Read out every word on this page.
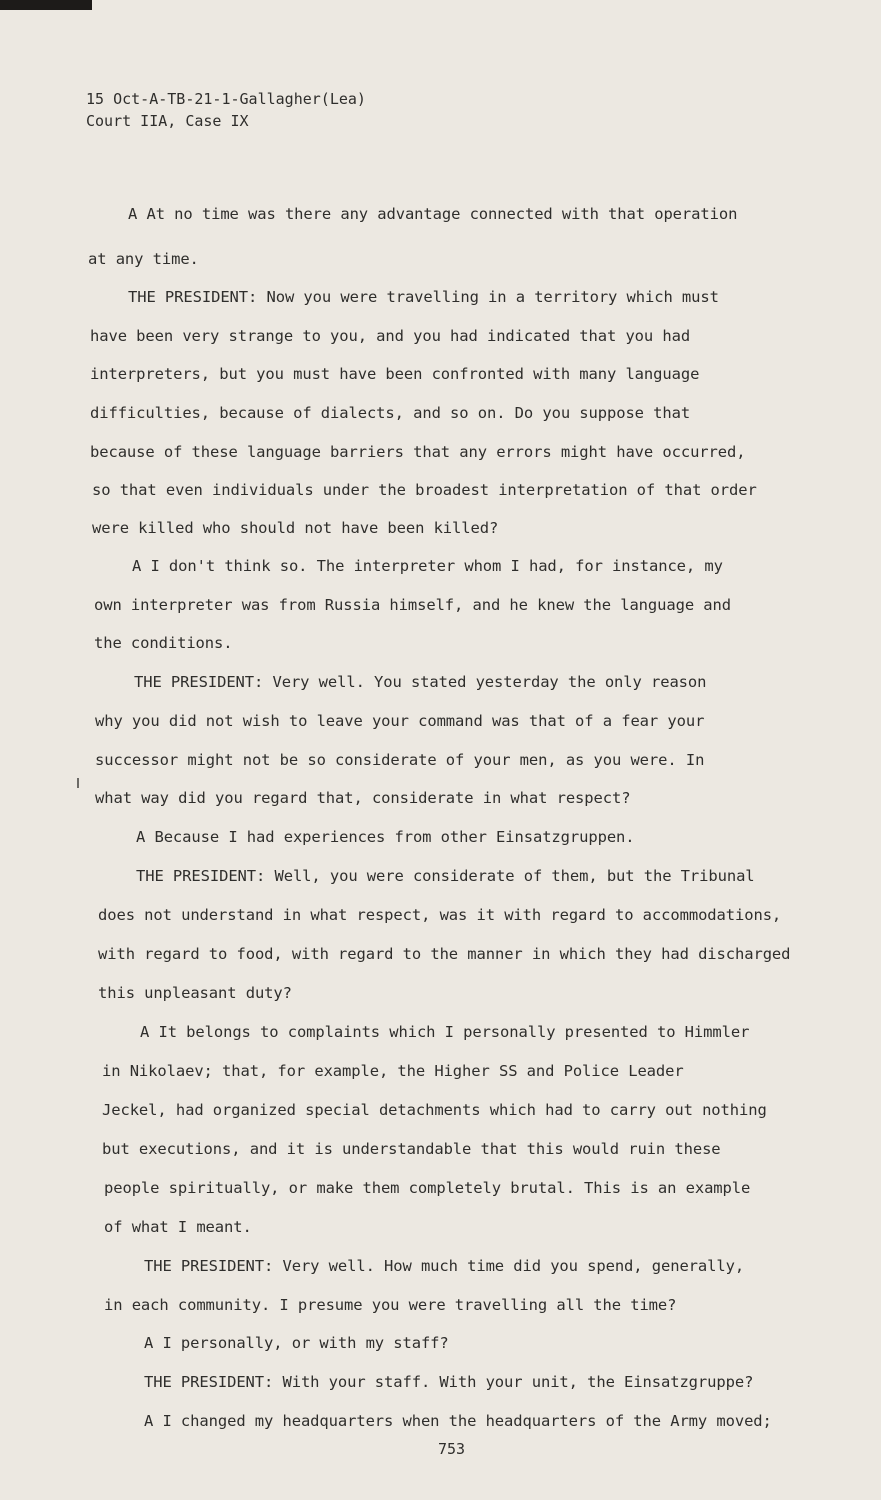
15 Oct-A-TB-21-1-Gallagher(Lea)
Court IIA, Case IX
A At no time was there any advantage connected with that operation
at any time.
THE PRESIDENT: Now you were travelling in a territory which must
have been very strange to you, and you had indicated that you had
interpreters, but you must have been confronted with many language
difficulties, because of dialects, and so on. Do you suppose that
because of these language barriers that any errors might have occurred,
so that even individuals under the broadest interpretation of that order
were killed who should not have been killed?
A I don't think so. The interpreter whom I had, for instance, my
own interpreter was from Russia himself, and he knew the language and
the conditions.
THE PRESIDENT: Very well. You stated yesterday the only reason
why you did not wish to leave your command was that of a fear your
successor might not be so considerate of your men, as you were. In
what way did you regard that, considerate in what respect?
A Because I had experiences from other Einsatzgruppen.
THE PRESIDENT: Well, you were considerate of them, but the Tribunal
does not understand in what respect, was it with regard to accommodations,
with regard to food, with regard to the manner in which they had discharged
this unpleasant duty?
A It belongs to complaints which I personally presented to Himmler
in Nikolaev; that, for example, the Higher SS and Police Leader
Jeckel, had organized special detachments which had to carry out nothing
but executions, and it is understandable that this would ruin these
people spiritually, or make them completely brutal. This is an example
of what I meant.
THE PRESIDENT: Very well. How much time did you spend, generally,
in each community. I presume you were travelling all the time?
A I personally, or with my staff?
THE PRESIDENT: With your staff. With your unit, the Einsatzgruppe?
A I changed my headquarters when the headquarters of the Army moved;
753
